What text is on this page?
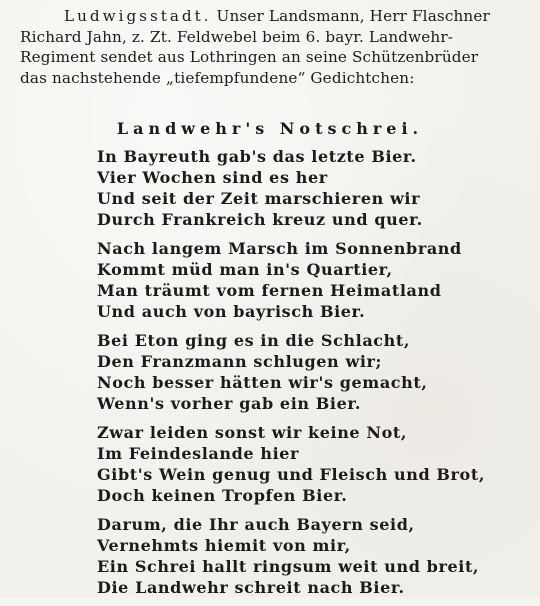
Ludwigsstadt. Unser Landsmann, Herr Flaschner
Richard Jahn, z. Zt. Feldwebel beim 6. bayr. Landwehr-
Regiment sendet aus Lothringen an seine Schützenbrüder
das nachstehende „tiefempfundene“ Gedichtchen:
Landwehr's Notschrei.
In Bayreuth gab's das letzte Bier.
Vier Wochen sind es her
Und seit der Zeit marschieren wir
Durch Frankreich kreuz und quer.
Nach langem Marsch im Sonnenbrand
Kommt müd man in's Quartier,
Man träumt vom fernen Heimatland
Und auch von bayrisch Bier.
Bei Eton ging es in die Schlacht,
Den Franzmann schlugen wir;
Noch besser hätten wir's gemacht,
Wenn's vorher gab ein Bier.
Zwar leiden sonst wir keine Not,
Im Feindeslande hier
Gibt's Wein genug und Fleisch und Brot,
Doch keinen Tropfen Bier.
Darum, die Ihr auch Bayern seid,
Vernehmts hiemit von mir,
Ein Schrei hallt ringsum weit und breit,
Die Landwehr schreit nach Bier.
